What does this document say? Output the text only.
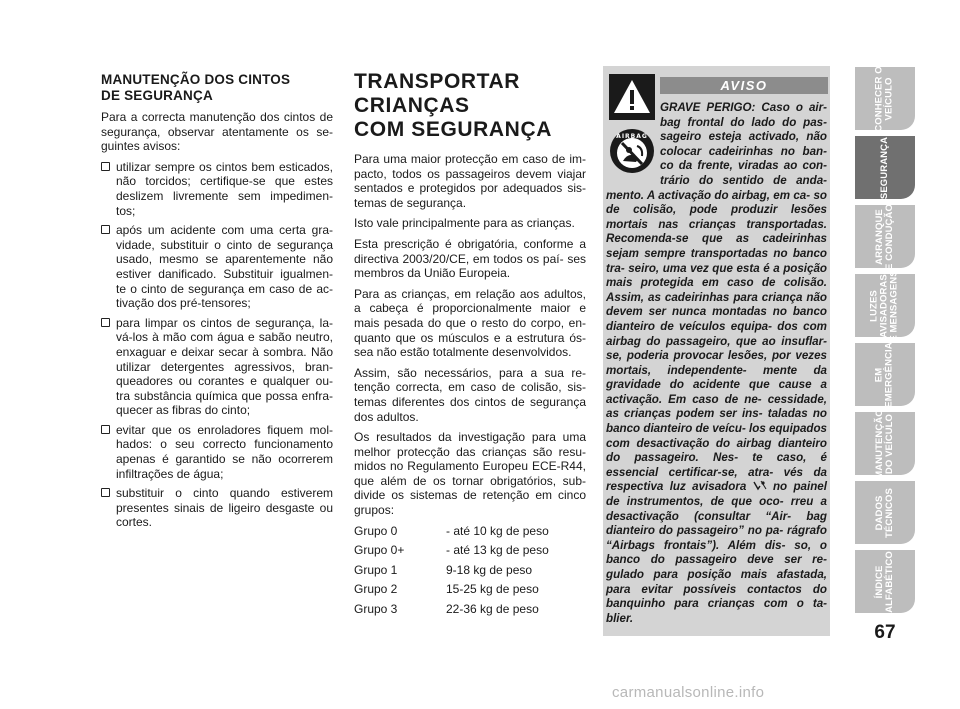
MANUTENÇÃO DOS CINTOS
DE SEGURANÇA

Para a correcta manutenção dos cintos de segurança, observar atentamente os se- guintes avisos:

utilizar sempre os cintos bem esticados, não torcidos; certifique-se que estes deslizem livremente sem impedimen- tos;
após um acidente com uma certa gra- vidade, substituir o cinto de segurança usado, mesmo se aparentemente não estiver danificado. Substituir igualmen- te o cinto de segurança em caso de ac- tivação dos pré-tensores;
para limpar os cintos de segurança, la- vá-los à mão com água e sabão neutro, enxaguar e deixar secar à sombra. Não utilizar detergentes agressivos, bran- queadores ou corantes e qualquer ou- tra substância química que possa enfra- quecer as fibras do cinto;
evitar que os enroladores fiquem mol- hados: o seu correcto funcionamento apenas é garantido se não ocorrerem infiltrações de água;
substituir o cinto quando estiverem presentes sinais de ligeiro desgaste ou cortes.
TRANSPORTAR
CRIANÇAS
COM SEGURANÇA

Para uma maior protecção em caso de im- pacto, todos os passageiros devem viajar sentados e protegidos por adequados sis- temas de segurança.

Isto vale principalmente para as crianças.

Esta prescrição é obrigatória, conforme a directiva 2003/20/CE, em todos os paí- ses membros da União Europeia.

Para as crianças, em relação aos adultos, a cabeça é proporcionalmente maior e mais pesada do que o resto do corpo, en- quanto que os músculos e a estrutura ós- sea não estão totalmente desenvolvidos.

Assim, são necessários, para a sua re- tenção correcta, em caso de colisão, sis- temas diferentes dos cintos de segurança dos adultos.

Os resultados da investigação para uma melhor protecção das crianças são resu- midos no Regulamento Europeu ECE-R44, que além de os tornar obrigatórios, sub- divide os sistemas de retenção em cinco grupos:

Grupo 0	- até 10 kg de peso
Grupo 0+	- até 13 kg de peso
Grupo 1	9-18 kg de peso
Grupo 2	15-25 kg de peso
Grupo 3	22-36 kg de peso
AVISO
AIRBAG
GRAVE PERIGO: Caso o air- bag frontal do lado do pas- sageiro esteja activado, não colocar cadeirinhas no ban- co da frente, viradas ao con- trário do sentido de anda- mento. A activação do airbag, em ca- so de colisão, pode produzir lesões mortais nas crianças transportadas. Recomenda-se que as cadeirinhas sejam sempre transportadas no banco tra- seiro, uma vez que esta é a posição mais protegida em caso de colisão. Assim, as cadeirinhas para criança não devem ser nunca montadas no banco dianteiro de veículos equipa- dos com airbag do passageiro, que ao insuflar-se, poderia provocar lesões, por vezes mortais, independente- mente da gravidade do acidente que cause a activação. Em caso de ne- cessidade, as crianças podem ser ins- taladas no banco dianteiro de veícu- los equipados com desactivação do airbag dianteiro do passageiro. Nes- te caso, é essencial certificar-se, atra- vés da respectiva luz avisadora no painel de instrumentos, de que oco- rreu a desactivação (consultar “Air- bag dianteiro do passageiro” no pa- rágrafo “Airbags frontais”). Além dis- so, o banco do passageiro deve ser re- gulado para posição mais afastada, para evitar possíveis contactos do banquinho para crianças com o ta- blier.
CONHECER O
VEÍCULO
SEGURANÇA
ARRANQUE
E CONDUÇÃO
LUZES
AVISADORAS
E MENSAGENS
EM
EMERGÊNCIA
MANUTENÇÃO
DO VEÍCULO
DADOS
TÉCNICOS
ÍNDICE
ALFABÉTICO
67
carmanualsonline.info
